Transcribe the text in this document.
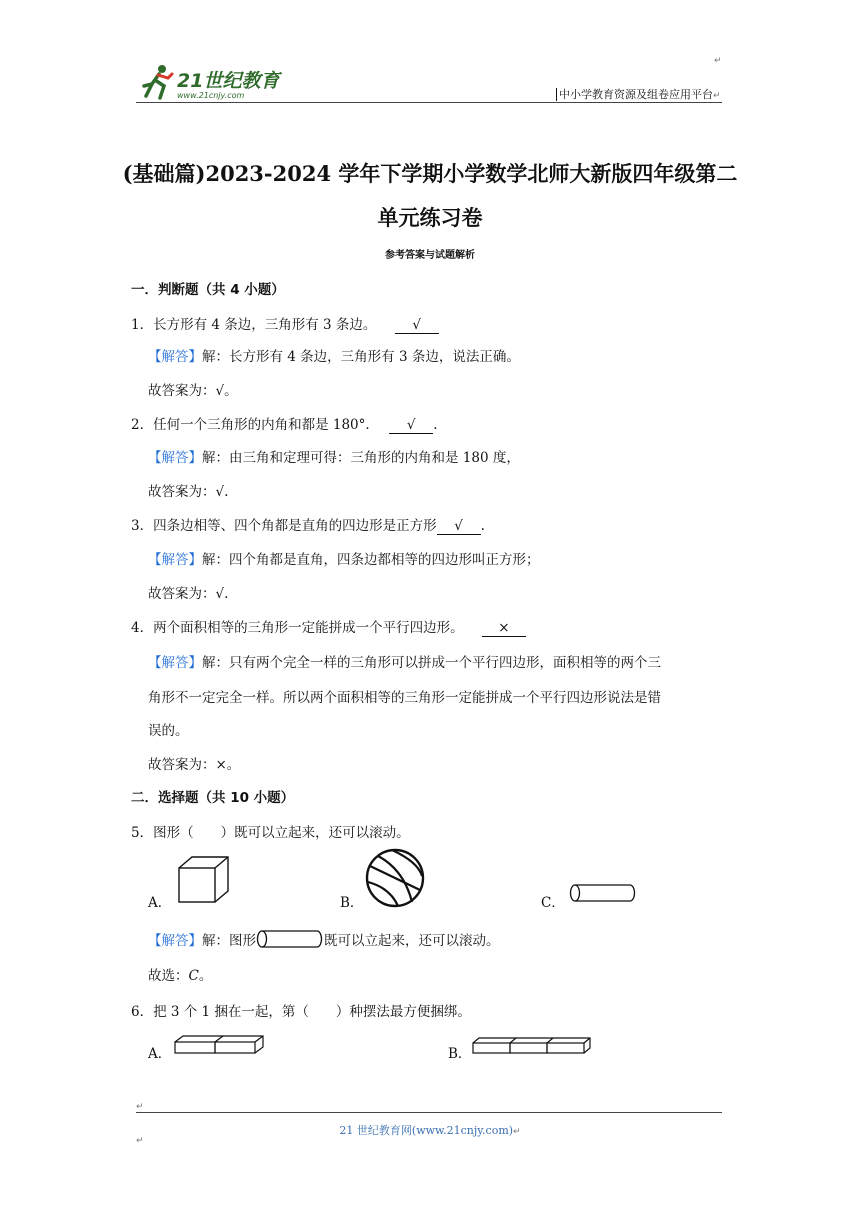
↵
21世纪教育
www.21cnjy.com	中小学教育资源及组卷应用平台↵
(基础篇)2023-2024 学年下学期小学数学北师大新版四年级第二
单元练习卷
参考答案与试题解析
一．判断题（共 4 小题）
1．长方形有 4 条边，三角形有 3 条边。	√
【解答】解：长方形有 4 条边，三角形有 3 条边，说法正确。
故答案为：√。
2．任何一个三角形的内角和都是 180°． √ .
【解答】解：由三角和定理可得：三角形的内角和是 180 度，
故答案为：√.
3．四条边相等、四个角都是直角的四边形是正方形 √ .
【解答】解：四个角都是直角，四条边都相等的四边形叫正方形；
故答案为：√.
4．两个面积相等的三角形一定能拼成一个平行四边形。	×
【解答】解：只有两个完全一样的三角形可以拼成一个平行四边形，面积相等的两个三
角形不一定完全一样。所以两个面积相等的三角形一定能拼成一个平行四边形说法是错
误的。
故答案为：×。
二．选择题（共 10 小题）
5．图形（　　）既可以立起来，还可以滚动。
A．	B．	C．
【解答】解：图形	既可以立起来，还可以滚动。
故选：C。
6．把 3 个 1 捆在一起，第（　　）种摆法最方便捆绑。
A．	B．
↵
21 世纪教育网(www.21cnjy.com)↵
↵
